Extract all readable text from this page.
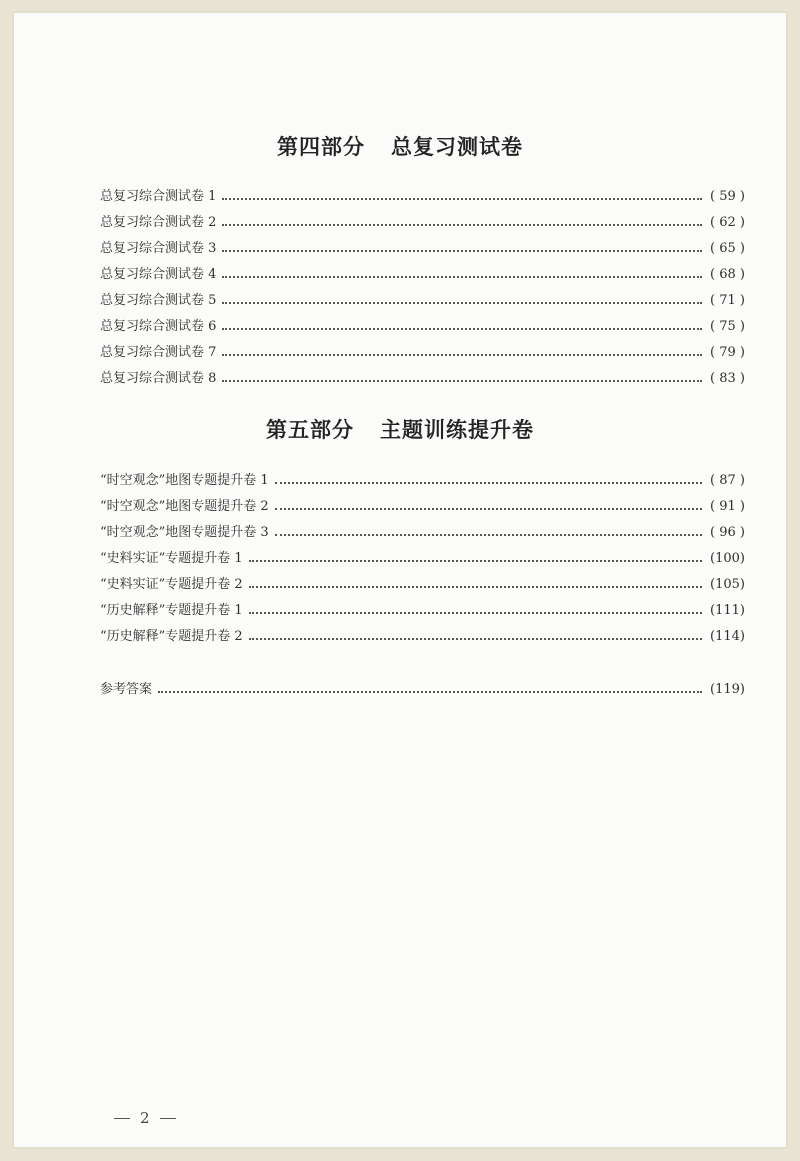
第四部分 总复习测试卷
总复习综合测试卷 1	( 59 )
总复习综合测试卷 2	( 62 )
总复习综合测试卷 3	( 65 )
总复习综合测试卷 4	( 68 )
总复习综合测试卷 5	( 71 )
总复习综合测试卷 6	( 75 )
总复习综合测试卷 7	( 79 )
总复习综合测试卷 8	( 83 )
第五部分 主题训练提升卷
“时空观念”地图专题提升卷 1	( 87 )
“时空观念”地图专题提升卷 2	( 91 )
“时空观念”地图专题提升卷 3	( 96 )
“史料实证”专题提升卷 1	(100)
“史料实证”专题提升卷 2	(105)
“历史解释”专题提升卷 1	(111)
“历史解释”专题提升卷 2	(114)
参考答案	(119)
2
